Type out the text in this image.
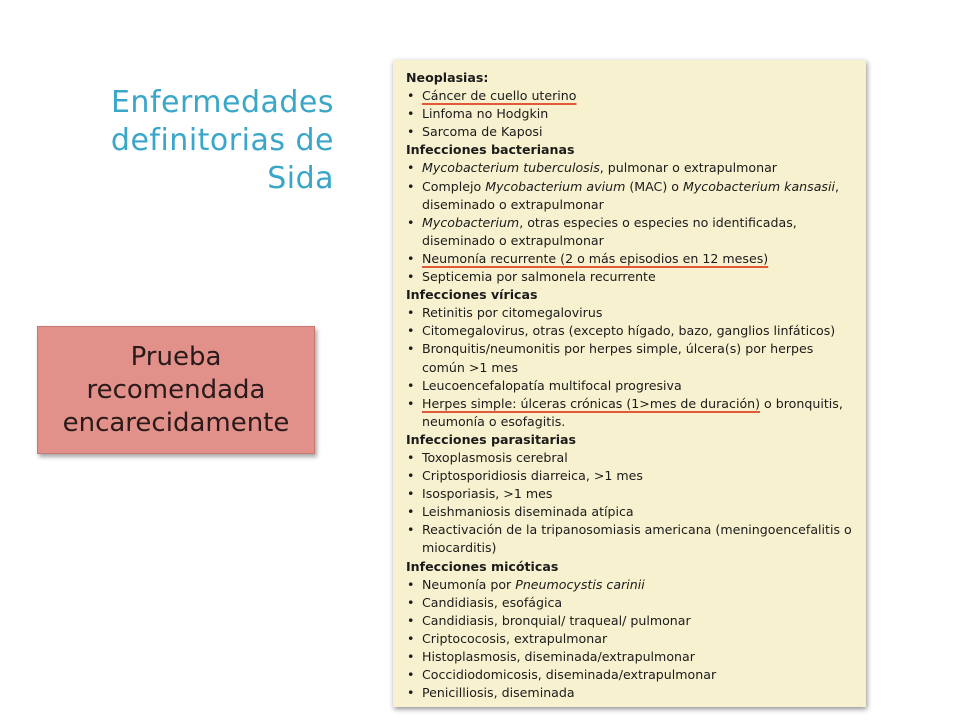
Enfermedades definitorias de Sida
Prueba
recomendada
encarecidamente
Neoplasias:
• Cáncer de cuello uterino
• Linfoma no Hodgkin
• Sarcoma de Kaposi
Infecciones bacterianas
• Mycobacterium tuberculosis, pulmonar o extrapulmonar
• Complejo Mycobacterium avium (MAC) o Mycobacterium kansasii, diseminado o extrapulmonar
• Mycobacterium, otras especies o especies no identificadas, diseminado o extrapulmonar
• Neumonía recurrente (2 o más episodios en 12 meses)
• Septicemia por salmonela recurrente
Infecciones víricas
• Retinitis por citomegalovirus
• Citomegalovirus, otras (excepto hígado, bazo, ganglios linfáticos)
• Bronquitis/neumonitis por herpes simple, úlcera(s) por herpes común >1 mes
• Leucoencefalopatía multifocal progresiva
• Herpes simple: úlceras crónicas (1>mes de duración) o bronquitis, neumonía o esofagitis.
Infecciones parasitarias
• Toxoplasmosis cerebral
• Criptosporidiosis diarreica, >1 mes
• Isosporiasis, >1 mes
• Leishmaniosis diseminada atípica
• Reactivación de la tripanosomiasis americana (meningoencefalitis o miocarditis)
Infecciones micóticas
• Neumonía por Pneumocystis carinii
• Candidiasis, esofágica
• Candidiasis, bronquial/ traqueal/ pulmonar
• Criptococosis, extrapulmonar
• Histoplasmosis, diseminada/extrapulmonar
• Coccidiodomicosis, diseminada/extrapulmonar
• Penicilliosis, diseminada
